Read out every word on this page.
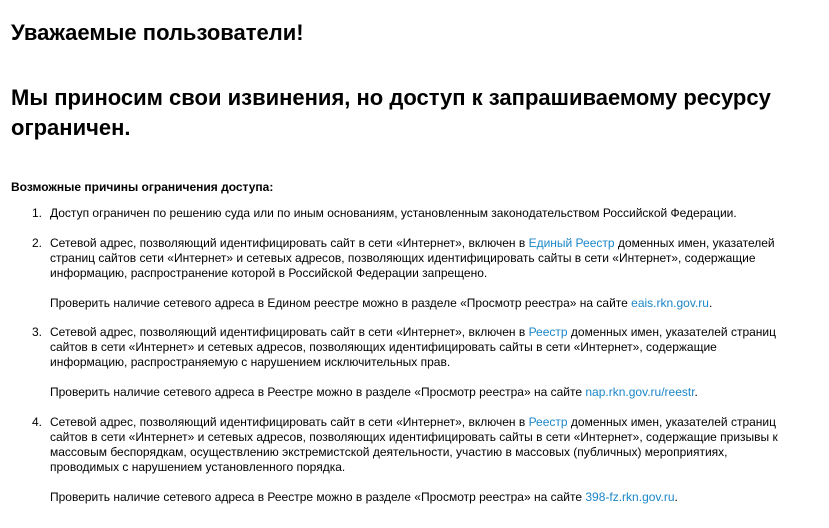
Уважаемые пользователи!
Мы приносим свои извинения, но доступ к запрашиваемому ресурсу ограничен.
Возможные причины ограничения доступа:
1. Доступ ограничен по решению суда или по иным основаниям, установленным законодательством Российской Федерации.

2. Сетевой адрес, позволяющий идентифицировать сайт в сети «Интернет», включен в Единый Реестр доменных имен, указателей страниц сайтов сети «Интернет» и сетевых адресов, позволяющих идентифицировать сайты в сети «Интернет», содержащие информацию, распространение которой в Российской Федерации запрещено.

Проверить наличие сетевого адреса в Едином реестре можно в разделе «Просмотр реестра» на сайте eais.rkn.gov.ru.

3. Сетевой адрес, позволяющий идентифицировать сайт в сети «Интернет», включен в Реестр доменных имен, указателей страниц сайтов в сети «Интернет» и сетевых адресов, позволяющих идентифицировать сайты в сети «Интернет», содержащие информацию, распространяемую с нарушением исключительных прав.

Проверить наличие сетевого адреса в Реестре можно в разделе «Просмотр реестра» на сайте nap.rkn.gov.ru/reestr.

4. Сетевой адрес, позволяющий идентифицировать сайт в сети «Интернет», включен в Реестр доменных имен, указателей страниц сайтов в сети «Интернет» и сетевых адресов, позволяющих идентифицировать сайты в сети «Интернет», содержащие призывы к массовым беспорядкам, осуществлению экстремистской деятельности, участию в массовых (публичных) мероприятиях, проводимых с нарушением установленного порядка.

Проверить наличие сетевого адреса в Реестре можно в разделе «Просмотр реестра» на сайте 398-fz.rkn.gov.ru.
